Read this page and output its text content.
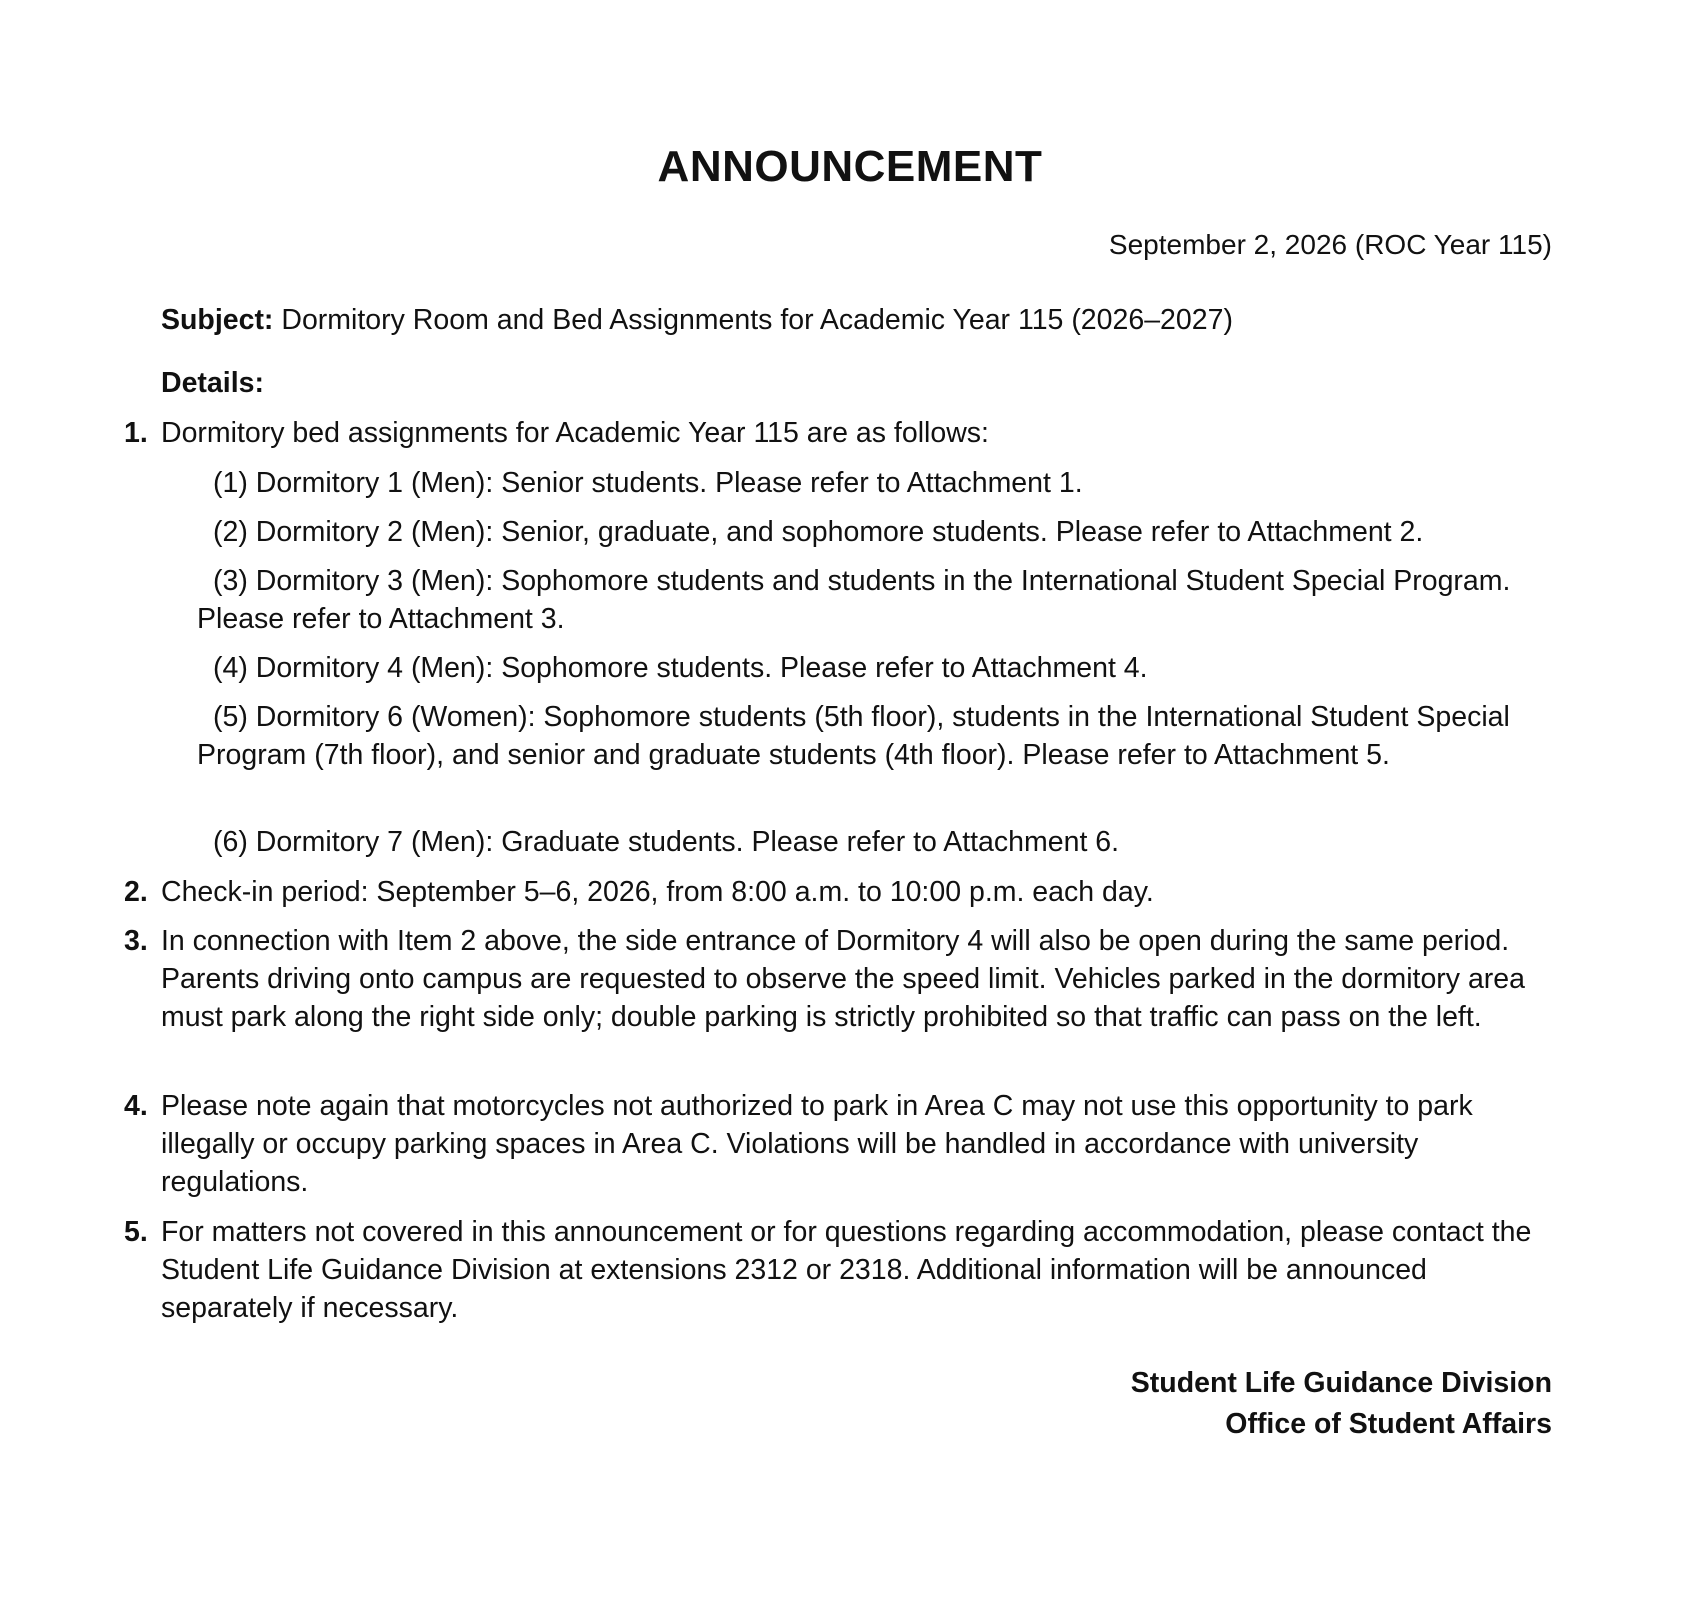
ANNOUNCEMENT
September 2, 2026 (ROC Year 115)
Subject: Dormitory Room and Bed Assignments for Academic Year 115 (2026–2027)
Details:
1. Dormitory bed assignments for Academic Year 115 are as follows:
(1) Dormitory 1 (Men): Senior students. Please refer to Attachment 1.
(2) Dormitory 2 (Men): Senior, graduate, and sophomore students. Please refer to Attachment 2.
(3) Dormitory 3 (Men): Sophomore students and students in the International Student Special Program. Please refer to Attachment 3.
(4) Dormitory 4 (Men): Sophomore students. Please refer to Attachment 4.
(5) Dormitory 6 (Women): Sophomore students (5th floor), students in the International Student Special Program (7th floor), and senior and graduate students (4th floor). Please refer to Attachment 5.
(6) Dormitory 7 (Men): Graduate students. Please refer to Attachment 6.
2. Check-in period: September 5–6, 2026, from 8:00 a.m. to 10:00 p.m. each day.
3. In connection with Item 2 above, the side entrance of Dormitory 4 will also be open during the same period. Parents driving onto campus are requested to observe the speed limit. Vehicles parked in the dormitory area must park along the right side only; double parking is strictly prohibited so that traffic can pass on the left.
4. Please note again that motorcycles not authorized to park in Area C may not use this opportunity to park illegally or occupy parking spaces in Area C. Violations will be handled in accordance with university regulations.
5. For matters not covered in this announcement or for questions regarding accommodation, please contact the Student Life Guidance Division at extensions 2312 or 2318. Additional information will be announced separately if necessary.
Student Life Guidance Division
Office of Student Affairs
